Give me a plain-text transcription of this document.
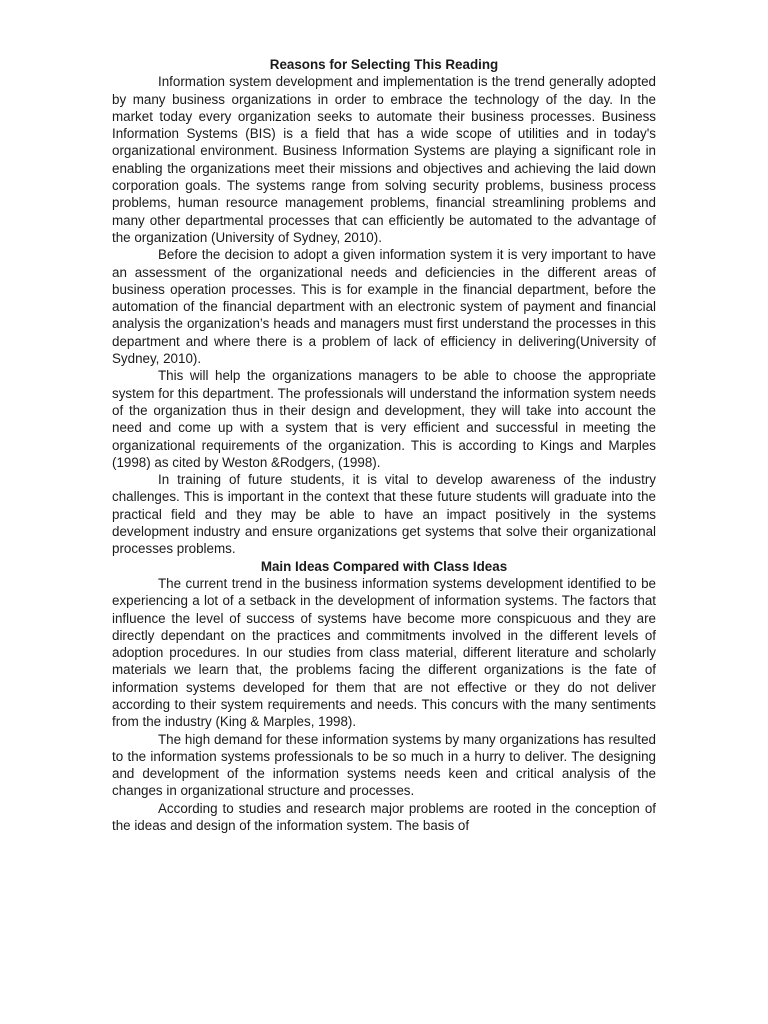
Reasons for Selecting This Reading

Information system development and implementation is the trend generally adopted by many business organizations in order to embrace the technology of the day. In the market today every organization seeks to automate their business processes. Business Information Systems (BIS) is a field that has a wide scope of utilities and in today's organizational environment. Business Information Systems are playing a significant role in enabling the organizations meet their missions and objectives and achieving the laid down corporation goals. The systems range from solving security problems, business process problems, human resource management problems, financial streamlining problems and many other departmental processes that can efficiently be automated to the advantage of the organization (University of Sydney, 2010).

Before the decision to adopt a given information system it is very important to have an assessment of the organizational needs and deficiencies in the different areas of business operation processes. This is for example in the financial department, before the automation of the financial department with an electronic system of payment and financial analysis the organization’s heads and managers must first understand the processes in this department and where there is a problem of lack of efficiency in delivering(University of Sydney, 2010).

This will help the organizations managers to be able to choose the appropriate system for this department. The professionals will understand the information system needs of the organization thus in their design and development, they will take into account the need and come up with a system that is very efficient and successful in meeting the organizational requirements of the organization. This is according to Kings and Marples (1998) as cited by Weston &Rodgers, (1998).

In training of future students, it is vital to develop awareness of the industry challenges. This is important in the context that these future students will graduate into the practical field and they may be able to have an impact positively in the systems development industry and ensure organizations get systems that solve their organizational processes problems.

Main Ideas Compared with Class Ideas

The current trend in the business information systems development identified to be experiencing a lot of a setback in the development of information systems. The factors that influence the level of success of systems have become more conspicuous and they are directly dependant on the practices and commitments involved in the different levels of adoption procedures. In our studies from class material, different literature and scholarly materials we learn that, the problems facing the different organizations is the fate of information systems developed for them that are not effective or they do not deliver according to their system requirements and needs. This concurs with the many sentiments from the industry (King & Marples, 1998).

The high demand for these information systems by many organizations has resulted to the information systems professionals to be so much in a hurry to deliver. The designing and development of the information systems needs keen and critical analysis of the changes in organizational structure and processes.

According to studies and research major problems are rooted in the conception of the ideas and design of the information system. The basis of
